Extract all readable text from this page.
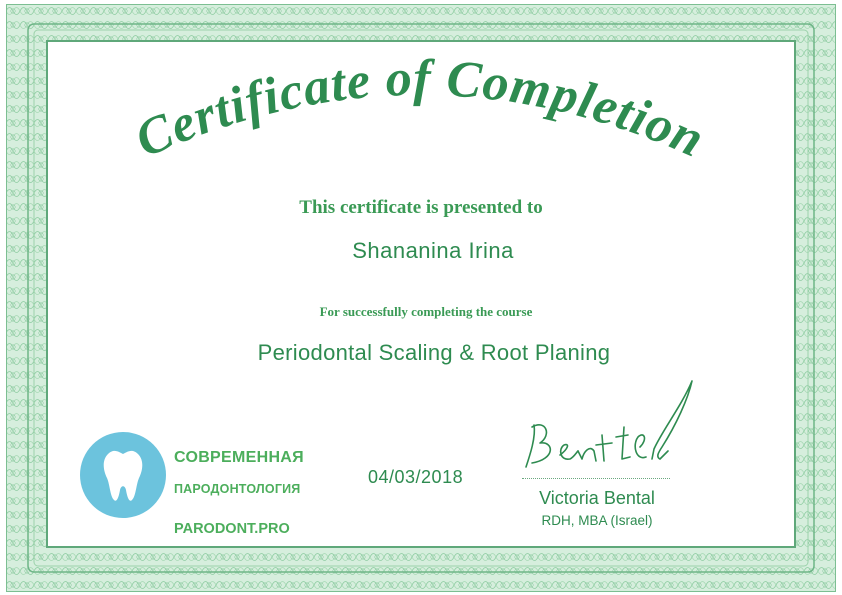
Certificate of Completion
This certificate is presented to
Shananina Irina
For successfully completing the course
Periodontal Scaling & Root Planing
СОВРЕМЕННАЯ
ПАРОДОНТОЛОГИЯ
PARODONT.PRO
04/03/2018
Victoria Bental
RDH, MBA (Israel)
